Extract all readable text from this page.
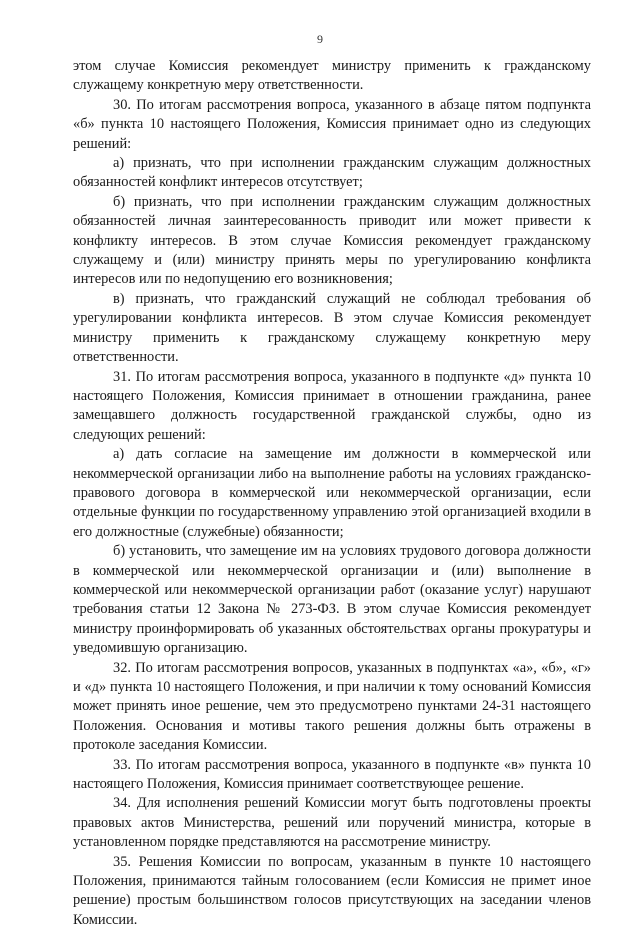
9

этом случае Комиссия рекомендует министру применить к гражданскому служащему конкретную меру ответственности.

30. По итогам рассмотрения вопроса, указанного в абзаце пятом подпункта «б» пункта 10 настоящего Положения, Комиссия принимает одно из следующих решений:

а) признать, что при исполнении гражданским служащим должностных обязанностей конфликт интересов отсутствует;

б) признать, что при исполнении гражданским служащим должностных обязанностей личная заинтересованность приводит или может привести к конфликту интересов. В этом случае Комиссия рекомендует гражданскому служащему и (или) министру принять меры по урегулированию конфликта интересов или по недопущению его возникновения;

в) признать, что гражданский служащий не соблюдал требования об урегулировании конфликта интересов. В этом случае Комиссия рекомендует министру применить к гражданскому служащему конкретную меру ответственности.

31. По итогам рассмотрения вопроса, указанного в подпункте «д» пункта 10 настоящего Положения, Комиссия принимает в отношении гражданина, ранее замещавшего должность государственной гражданской службы, одно из следующих решений:

а) дать согласие на замещение им должности в коммерческой или некоммерческой организации либо на выполнение работы на условиях гражданско-правового договора в коммерческой или некоммерческой организации, если отдельные функции по государственному управлению этой организацией входили в его должностные (служебные) обязанности;

б) установить, что замещение им на условиях трудового договора должности в коммерческой или некоммерческой организации и (или) выполнение в коммерческой или некоммерческой организации работ (оказание услуг) нарушают требования статьи 12 Закона № 273-ФЗ. В этом случае Комиссия рекомендует министру проинформировать об указанных обстоятельствах органы прокуратуры и уведомившую организацию.

32. По итогам рассмотрения вопросов, указанных в подпунктах «а», «б», «г» и «д» пункта 10 настоящего Положения, и при наличии к тому оснований Комиссия может принять иное решение, чем это предусмотрено пунктами 24-31 настоящего Положения. Основания и мотивы такого решения должны быть отражены в протоколе заседания Комиссии.

33. По итогам рассмотрения вопроса, указанного в подпункте «в» пункта 10 настоящего Положения, Комиссия принимает соответствующее решение.

34. Для исполнения решений Комиссии могут быть подготовлены проекты правовых актов Министерства, решений или поручений министра, которые в установленном порядке представляются на рассмотрение министру.

35. Решения Комиссии по вопросам, указанным в пункте 10 настоящего Положения, принимаются тайным голосованием (если Комиссия не примет иное решение) простым большинством голосов присутствующих на заседании членов Комиссии.
